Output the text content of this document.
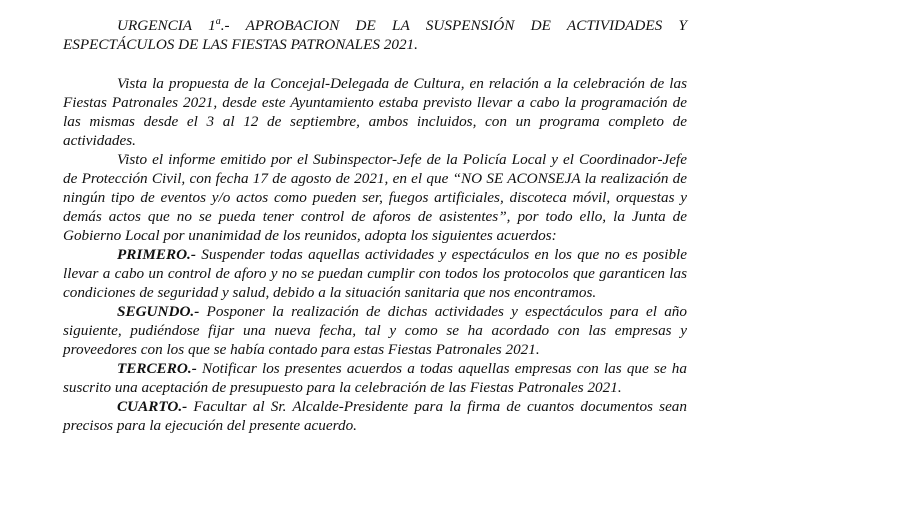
URGENCIA 1$^a$.- APROBACION DE LA SUSPENSIÓN DE ACTIVIDADES Y ESPECTÁCULOS DE LAS FIESTAS PATRONALES 2021.

Vista la propuesta de la Concejal-Delegada de Cultura, en relación a la celebración de las Fiestas Patronales 2021, desde este Ayuntamiento estaba previsto llevar a cabo la programación de las mismas desde el 3 al 12 de septiembre, ambos incluidos, con un programa completo de actividades.

Visto el informe emitido por el Subinspector-Jefe de la Policía Local y el Coordinador-Jefe de Protección Civil, con fecha 17 de agosto de 2021, en el que “NO SE ACONSEJA la realización de ningún tipo de eventos y/o actos como pueden ser, fuegos artificiales, discoteca móvil, orquestas y demás actos que no se pueda tener control de aforos de asistentes”, por todo ello, la Junta de Gobierno Local por unanimidad de los reunidos, adopta los siguientes acuerdos:

PRIMERO.- Suspender todas aquellas actividades y espectáculos en los que no es posible llevar a cabo un control de aforo y no se puedan cumplir con todos los protocolos que garanticen las condiciones de seguridad y salud, debido a la situación sanitaria que nos encontramos.

SEGUNDO.- Posponer la realización de dichas actividades y espectáculos para el año siguiente, pudiéndose fijar una nueva fecha, tal y como se ha acordado con las empresas y proveedores con los que se había contado para estas Fiestas Patronales 2021.

TERCERO.- Notificar los presentes acuerdos a todas aquellas empresas con las que se ha suscrito una aceptación de presupuesto para la celebración de las Fiestas Patronales 2021.

CUARTO.- Facultar al Sr. Alcalde-Presidente para la firma de cuantos documentos sean precisos para la ejecución del presente acuerdo.
